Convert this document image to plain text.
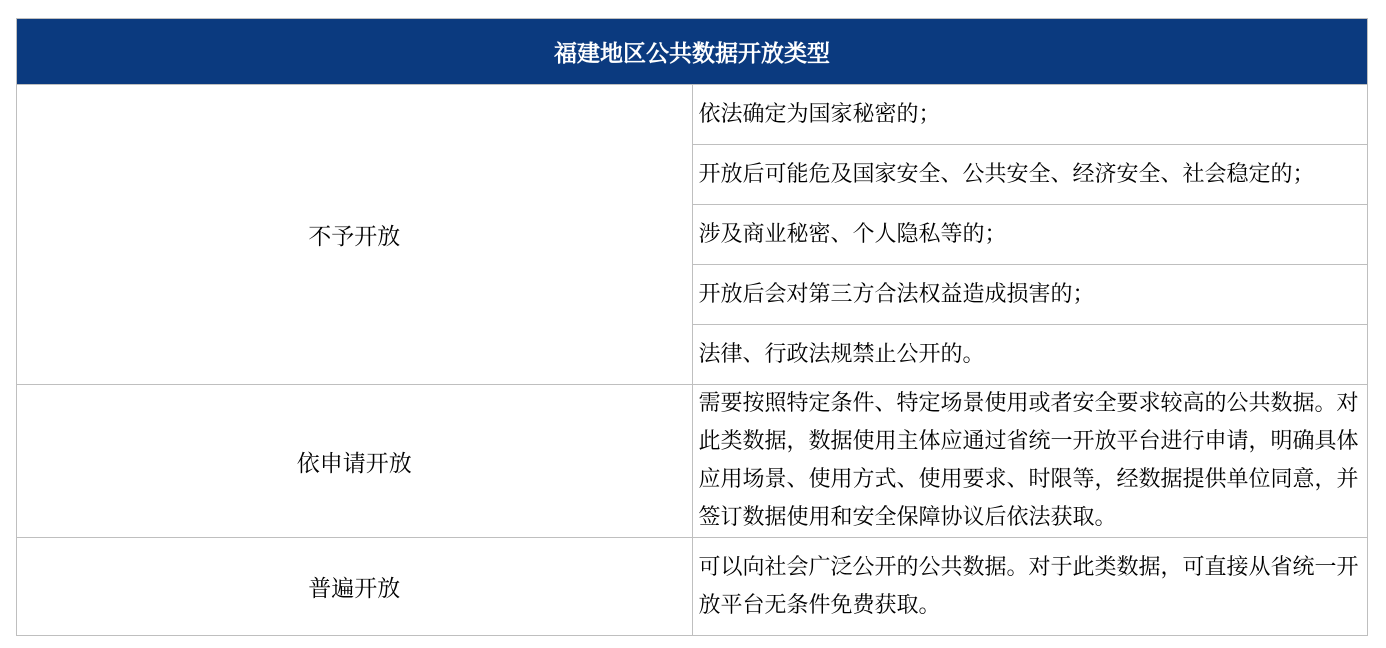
福建地区公共数据开放类型	
不予开放	依法确定为国家秘密的；
	开放后可能危及国家安全、公共安全、经济安全、社会稳定的；
	涉及商业秘密、个人隐私等的；
	开放后会对第三方合法权益造成损害的；
	法律、行政法规禁止公开的。
依申请开放	需要按照特定条件、特定场景使用或者安全要求较高的公共数据。对此类数据，数据使用主体应通过省统一开放平台进行申请，明确具体应用场景、使用方式、使用要求、时限等，经数据提供单位同意，并签订数据使用和安全保障协议后依法获取。
普遍开放	可以向社会广泛公开的公共数据。对于此类数据，可直接从省统一开放平台无条件免费获取。
